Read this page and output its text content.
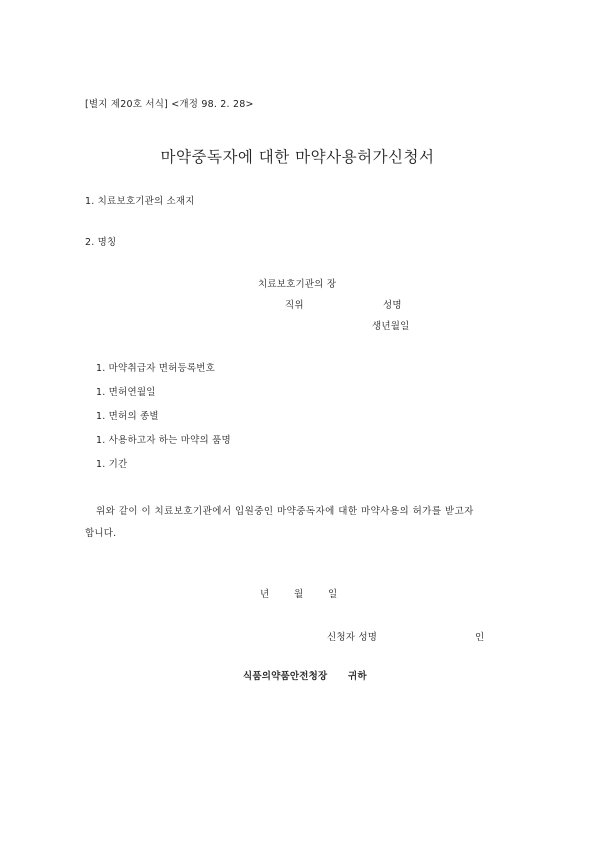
[별지 제20호 서식] <개정 98. 2. 28>
마약중독자에 대한 마약사용허가신청서
1. 치료보호기관의 소재지
2. 명칭
치료보호기관의 장
직위	성명
생년월일
1. 마약취급자 면허등록번호
1. 면허연월일
1. 면허의 종별
1. 사용하고자 하는 마약의 품명
1. 기간
위와 같이 이 치료보호기관에서 입원중인 마약중독자에 대한 마약사용의 허가를 받고자
합니다.
년	월	일
신청자 성명	인
식품의약품안전청장 귀하
